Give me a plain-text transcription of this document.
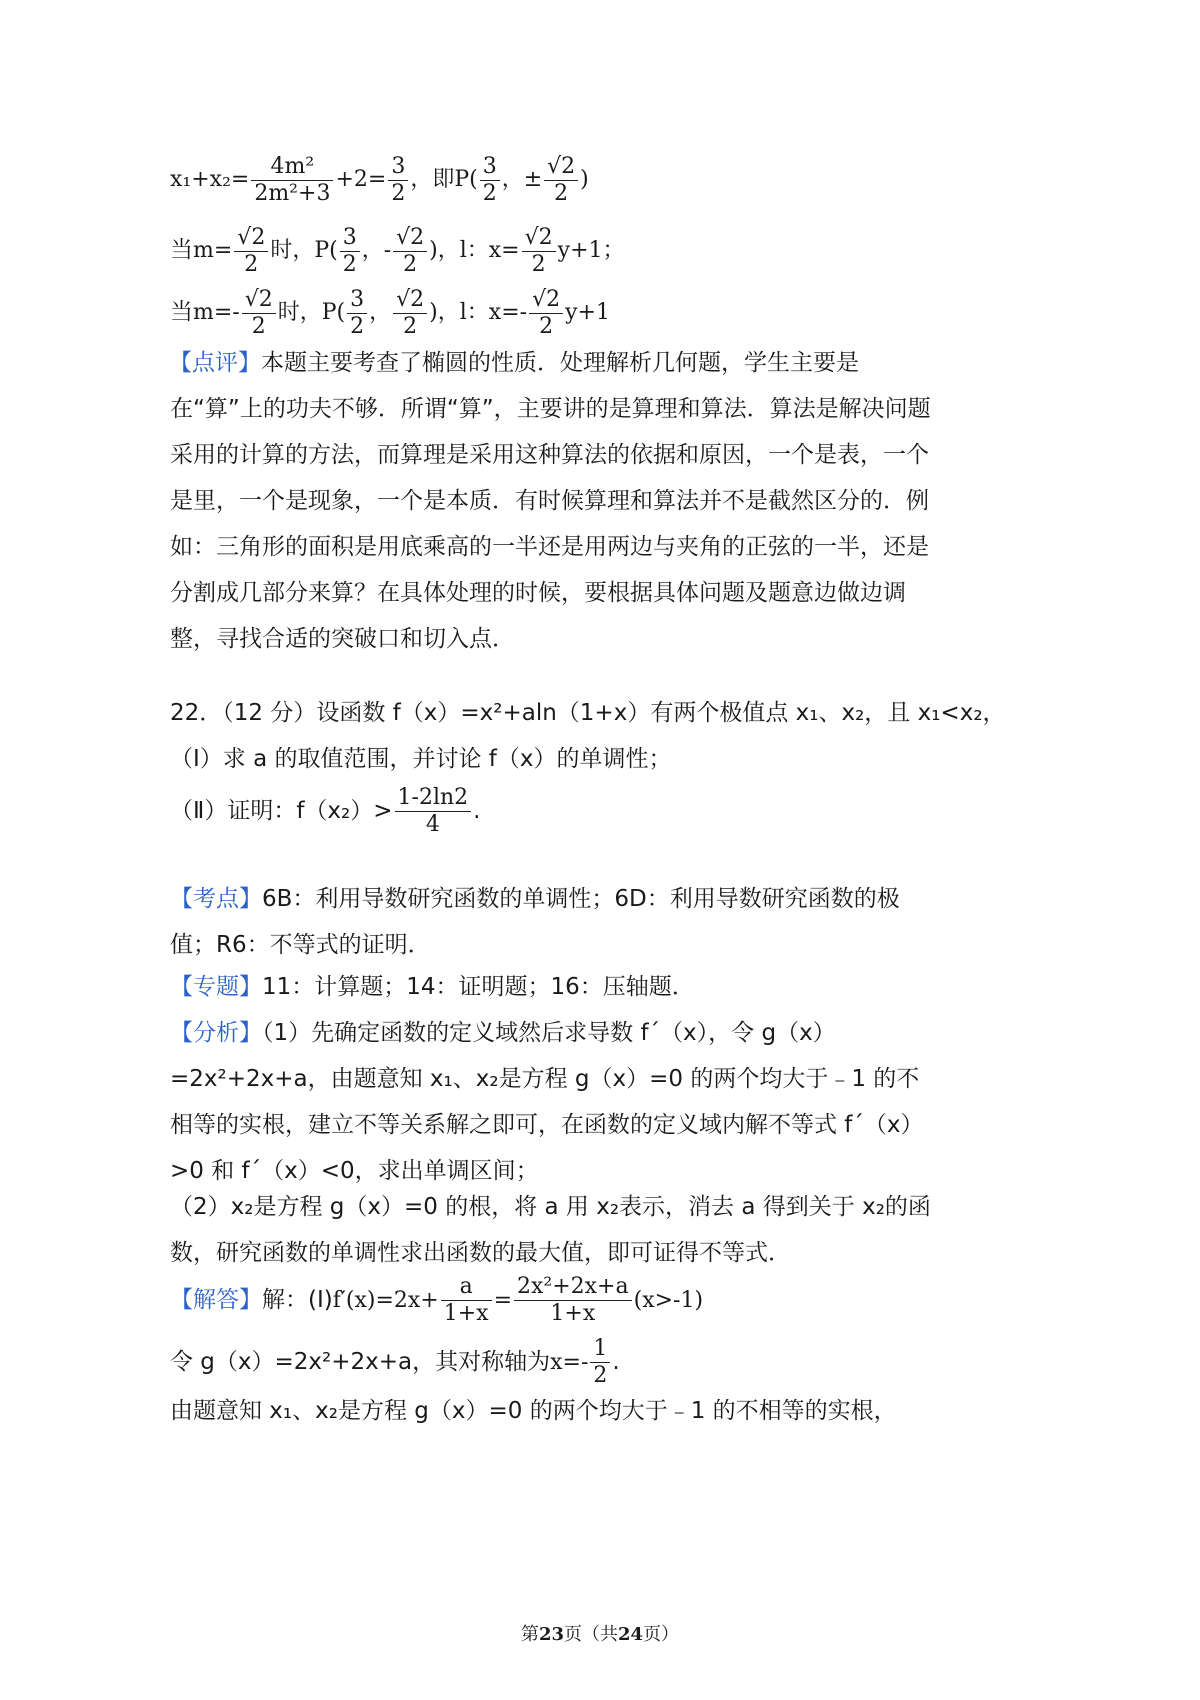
$x_1+x_2= \frac{\text{4m²}}{\text{2m²+3}} +2= \frac{3}{2}$ ，即$P( \frac{3}{2}$ ，± $\frac{√2}{2}$ )
当$m= \frac{√2}{2}$ 时，$P( \frac{3}{2}$ ，- $\frac{√2}{2}$ )，l：$x= \frac{√2}{2} y+1$；
当$m=- \frac{√2}{2}$ 时，$P( \frac{3}{2}$ ， $\frac{√2}{2}$ )，l：$x=- \frac{√2}{2} y+1$
【点评】本题主要考查了椭圆的性质．处理解析几何题，学生主要是在“算”上的功夫不够．所谓“算”，主要讲的是算理和算法．算法是解决问题采用的计算的方法，而算理是采用这种算法的依据和原因，一个是表，一个是里，一个是现象，一个是本质．有时候算理和算法并不是截然区分的．例如：三角形的面积是用底乘高的一半还是用两边与夹角的正弦的一半，还是分割成几部分来算？在具体处理的时候，要根据具体问题及题意边做边调整，寻找合适的突破口和切入点．
22．（12 分）设函数 f（x）=x²+aln（1+x）有两个极值点 x₁、x₂，且 x₁<x₂，
（Ⅰ）求 a 的取值范围，并讨论 f（x）的单调性；
（Ⅱ）证明：$f(x_2)> \frac{1-2\ln 2}{4}$ .
【考点】6B：利用导数研究函数的单调性；6D：利用导数研究函数的极值；R6：不等式的证明．
【专题】11：计算题；14：证明题；16：压轴题．
【分析】（1）先确定函数的定义域然后求导数 f´（x），令 g（x）=2x²+2x+a，由题意知 x₁、x₂是方程 g（x）=0 的两个均大于﹣1 的不相等的实根，建立不等关系解之即可，在函数的定义域内解不等式 f´（x）>0 和 f´（x）<0，求出单调区间；
（2）x₂是方程 g（x）=0 的根，将 a 用 x₂表示，消去 a 得到关于 x₂的函数，研究函数的单调性求出函数的最大值，即可证得不等式．
【解答】解：(Ⅰ)f′(x)=2x+ $\frac{a}{1+x} = \frac{\text{2x²+2x+a}}{1+x} (x>-1)$
令 g（x）=2x²+2x+a，其对称轴为$x=- \frac{1}{2}$ .
由题意知 x₁、x₂是方程 g（x）=0 的两个均大于﹣1 的不相等的实根，
第23页（共24页）
